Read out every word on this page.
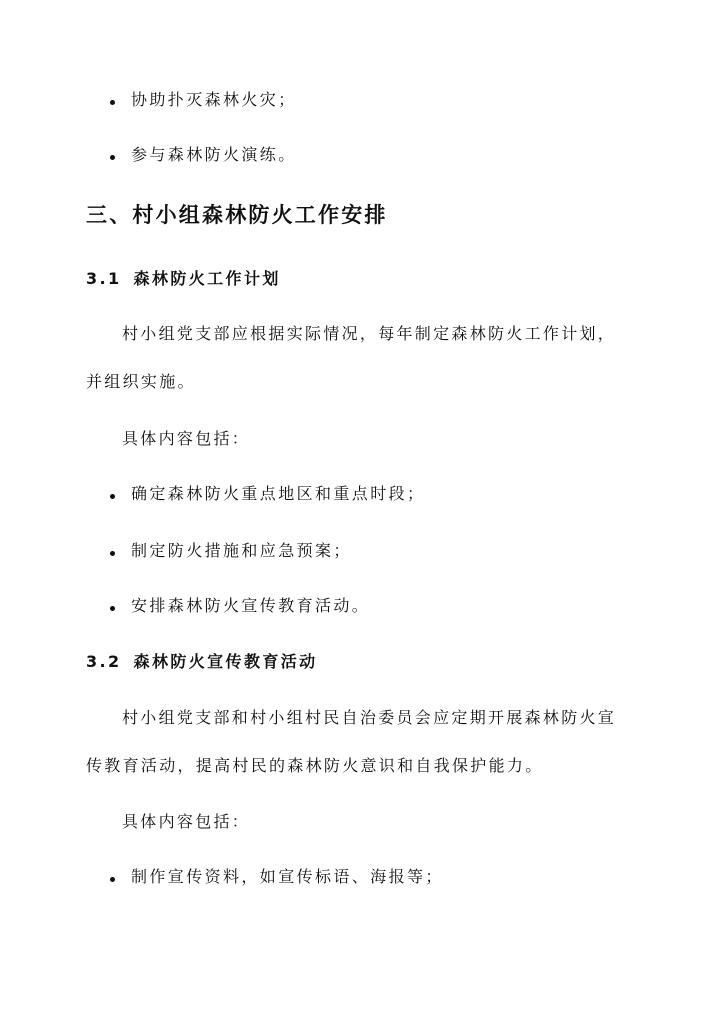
协助扑灭森林火灾；
参与森林防火演练。
三、村小组森林防火工作安排
3.1 森林防火工作计划
村小组党支部应根据实际情况，每年制定森林防火工作计划，
并组织实施。
具体内容包括：
确定森林防火重点地区和重点时段；
制定防火措施和应急预案；
安排森林防火宣传教育活动。
3.2 森林防火宣传教育活动
村小组党支部和村小组村民自治委员会应定期开展森林防火宣
传教育活动，提高村民的森林防火意识和自我保护能力。
具体内容包括：
制作宣传资料，如宣传标语、海报等；
